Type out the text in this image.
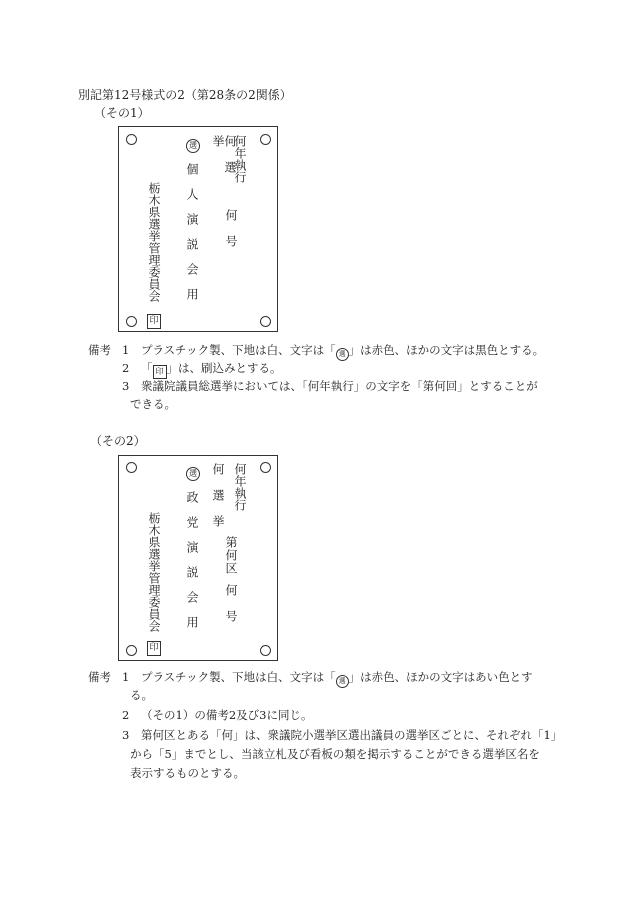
別記第12号様式の2（第28条の2関係）
（その1）
何年執行
何選挙
何号
選
個人演説会用
栃木県選挙管理委員会
印
備考 1 プラスチック製、下地は白、文字は「 選 」は赤色、ほかの文字は黒色とする。
2 「 印 」は、刷込みとする。
3 衆議院議員総選挙においては、「何年執行」の文字を「第何回」とすることが
できる。
（その2）
何年執行
何選挙
第何区
何号
選
政党演説会用
栃木県選挙管理委員会
印
備考 1 プラスチック製、下地は白、文字は「 選 」は赤色、ほかの文字はあい色とす
る。
2 （その1）の備考2及び3に同じ。
3 第何区とある「何」は、衆議院小選挙区選出議員の選挙区ごとに、それぞれ「1」
から「5」までとし、当該立札及び看板の類を掲示することができる選挙区名を
表示するものとする。
